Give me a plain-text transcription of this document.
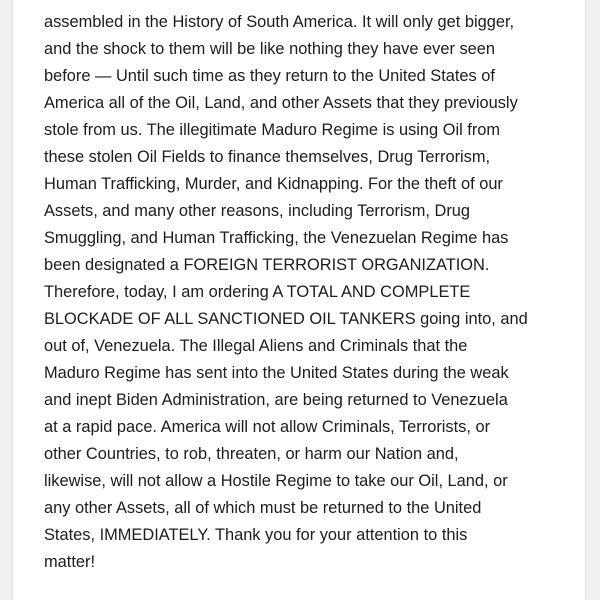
assembled in the History of South America. It will only get bigger,
and the shock to them will be like nothing they have ever seen
before — Until such time as they return to the United States of
America all of the Oil, Land, and other Assets that they previously
stole from us. The illegitimate Maduro Regime is using Oil from
these stolen Oil Fields to finance themselves, Drug Terrorism,
Human Trafficking, Murder, and Kidnapping. For the theft of our
Assets, and many other reasons, including Terrorism, Drug
Smuggling, and Human Trafficking, the Venezuelan Regime has
been designated a FOREIGN TERRORIST ORGANIZATION.
Therefore, today, I am ordering A TOTAL AND COMPLETE
BLOCKADE OF ALL SANCTIONED OIL TANKERS going into, and
out of, Venezuela. The Illegal Aliens and Criminals that the
Maduro Regime has sent into the United States during the weak
and inept Biden Administration, are being returned to Venezuela
at a rapid pace. America will not allow Criminals, Terrorists, or
other Countries, to rob, threaten, or harm our Nation and,
likewise, will not allow a Hostile Regime to take our Oil, Land, or
any other Assets, all of which must be returned to the United
States, IMMEDIATELY. Thank you for your attention to this
matter!
